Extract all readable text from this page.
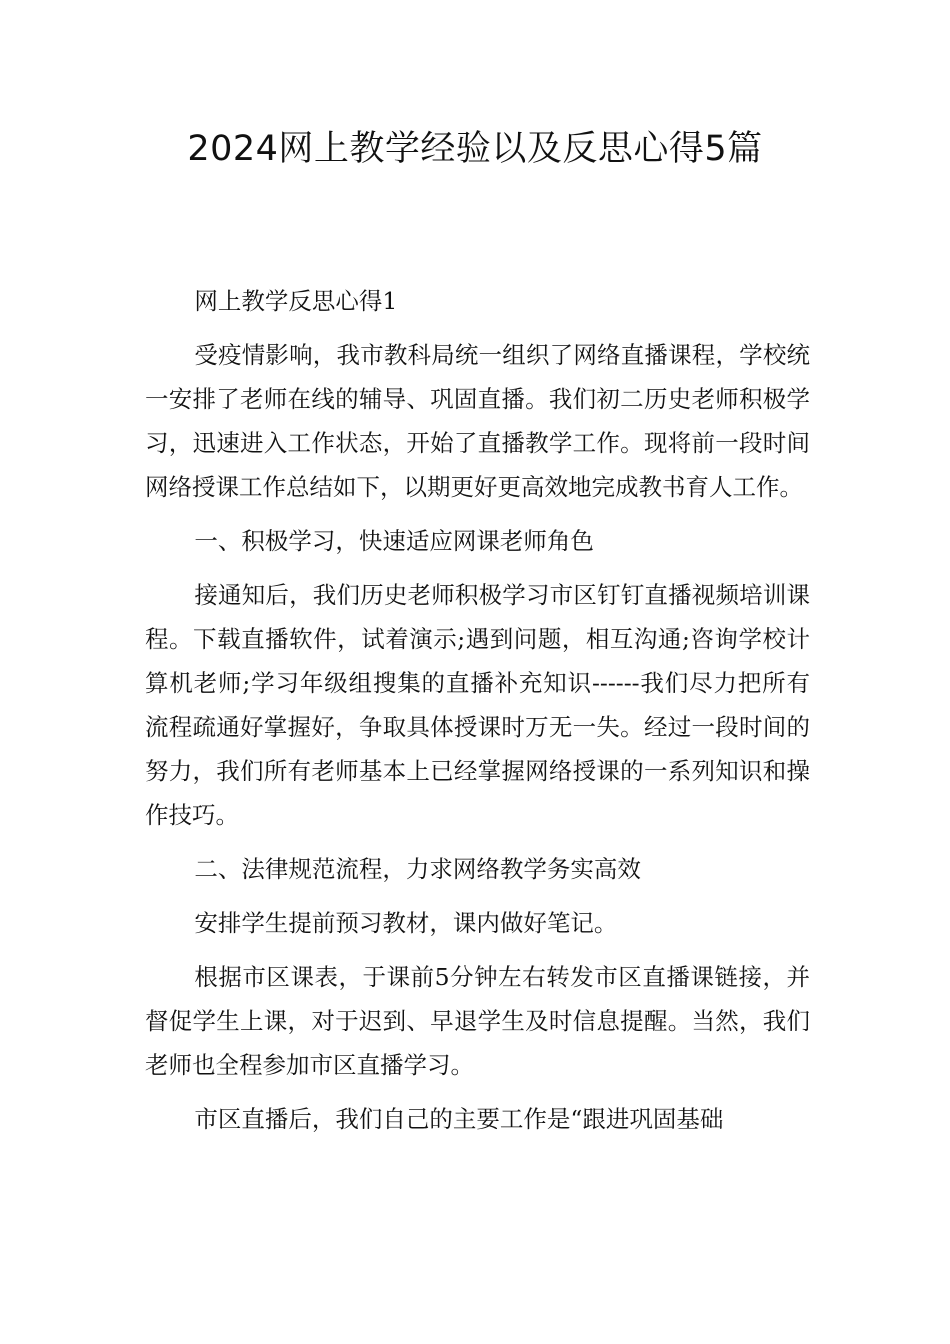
2024网上教学经验以及反思心得5篇

网上教学反思心得1

受疫情影响，我市教科局统一组织了网络直播课程，学校统一安排了老师在线的辅导、巩固直播。我们初二历史老师积极学习，迅速进入工作状态，开始了直播教学工作。现将前一段时间网络授课工作总结如下，以期更好更高效地完成教书育人工作。

一、积极学习，快速适应网课老师角色

接通知后，我们历史老师积极学习市区钉钉直播视频培训课程。下载直播软件，试着演示;遇到问题，相互沟通;咨询学校计算机老师;学习年级组搜集的直播补充知识------我们尽力把所有流程疏通好掌握好，争取具体授课时万无一失。经过一段时间的努力，我们所有老师基本上已经掌握网络授课的一系列知识和操作技巧。

二、法律规范流程，力求网络教学务实高效

安排学生提前预习教材，课内做好笔记。

根据市区课表，于课前5分钟左右转发市区直播课链接，并督促学生上课，对于迟到、早退学生及时信息提醒。当然，我们老师也全程参加市区直播学习。

市区直播后，我们自己的主要工作是“跟进巩固基础
